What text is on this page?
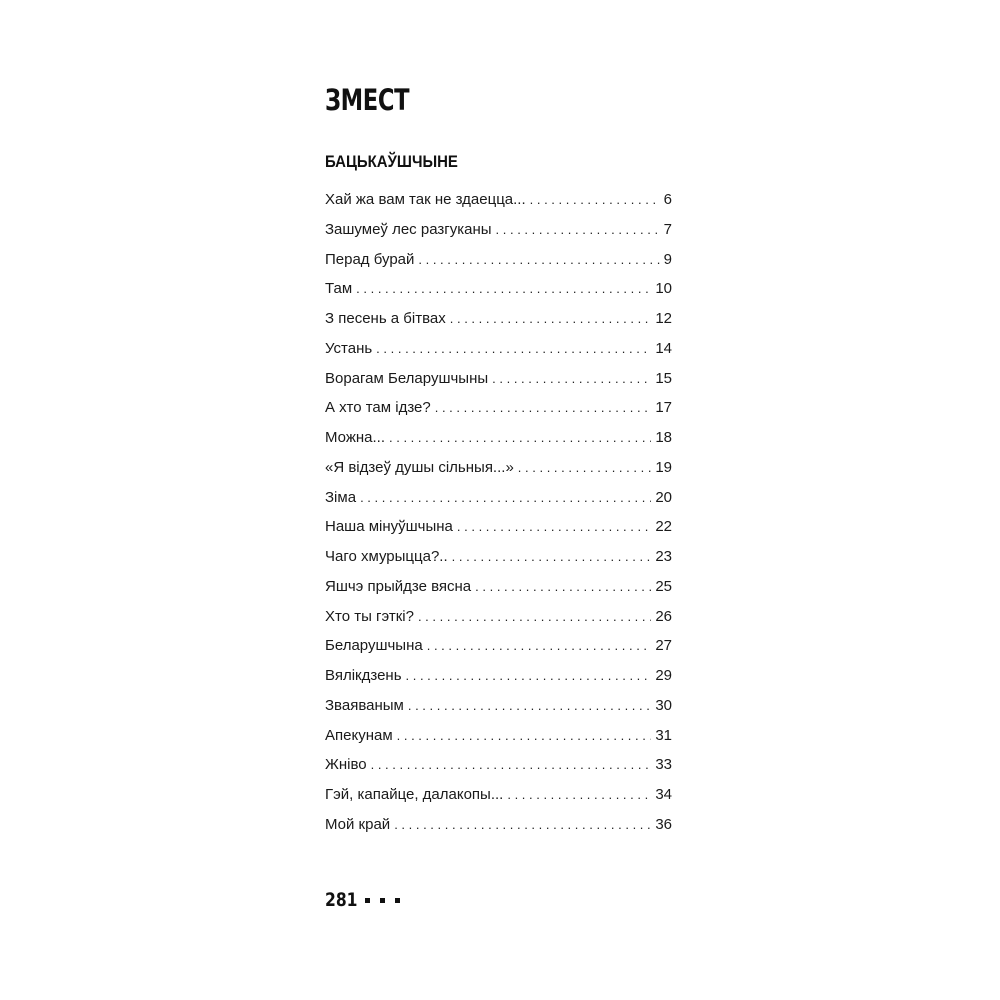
ЗМЕСТ
БАЦЬКАЎШЧЫНЕ
Хай жа вам так не здаецца... . . .	6
Зашумеў лес разгуканы . . .	7
Перад бурай . . .	9
Там . . .	10
З песень а бітвах . . .	12
Устань . . .	14
Ворагам Беларушчыны . . .	15
А хто там ідзе? . . .	17
Можна... . . .	18
«Я відзеў душы сільныя...» . . .	19
Зіма . . .	20
Наша мінуўшчына . . .	22
Чаго хмурыцца?.. . . .	23
Яшчэ прыйдзе вясна . . .	25
Хто ты гэткі? . . .	26
Беларушчына . . .	27
Вялікдзень . . .	29
Зваяваным . . .	30
Апекунам . . .	31
Жніво . . .	33
Гэй, капайце, далакопы... . . .	34
Мой край . . .	36
281
